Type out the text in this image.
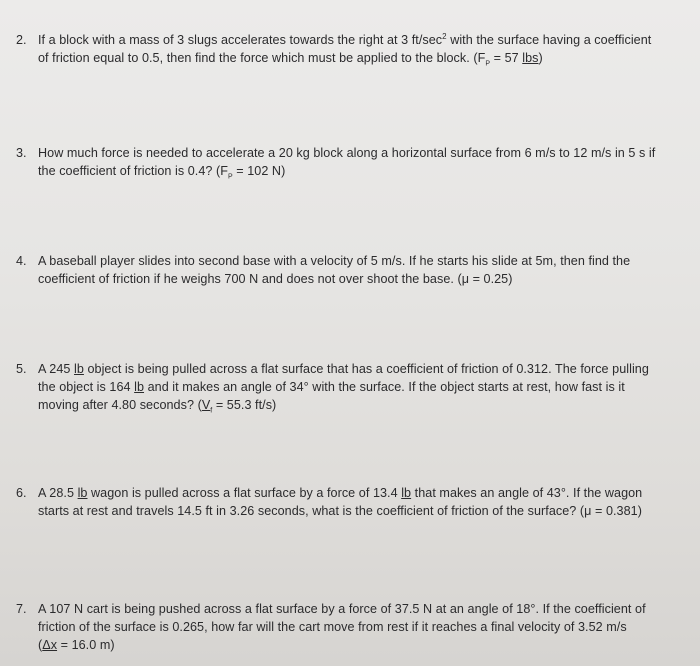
2. If a block with a mass of 3 slugs accelerates towards the right at 3 $ft/\sec^2$ with the surface having a coefficient of friction equal to 0.5, then find the force which must be applied to the block. ($F_P = 57$ lbs)
3. How much force is needed to accelerate a 20 kg block along a horizontal surface from 6 m/s to 12 m/s in 5 s if the coefficient of friction is 0.4? ($F_P = 102$ N)
4. A baseball player slides into second base with a velocity of 5 m/s. If he starts his slide at 5m, then find the coefficient of friction if he weighs 700 N and does not over shoot the base. (μ = 0.25)
5. A 245 lb object is being pulled across a flat surface that has a coefficient of friction of 0.312. The force pulling the object is 164 lb and it makes an angle of 34° with the surface. If the object starts at rest, how fast is it moving after 4.80 seconds? ($V_f = 55.3$ ft/s)
6. A 28.5 lb wagon is pulled across a flat surface by a force of 13.4 lb that makes an angle of 43°. If the wagon starts at rest and travels 14.5 ft in 3.26 seconds, what is the coefficient of friction of the surface? (μ = 0.381)
7. A 107 N cart is being pushed across a flat surface by a force of 37.5 N at an angle of 18°. If the coefficient of friction of the surface is 0.265, how far will the cart move from rest if it reaches a final velocity of 3.52 m/s (Δx = 16.0 m)
